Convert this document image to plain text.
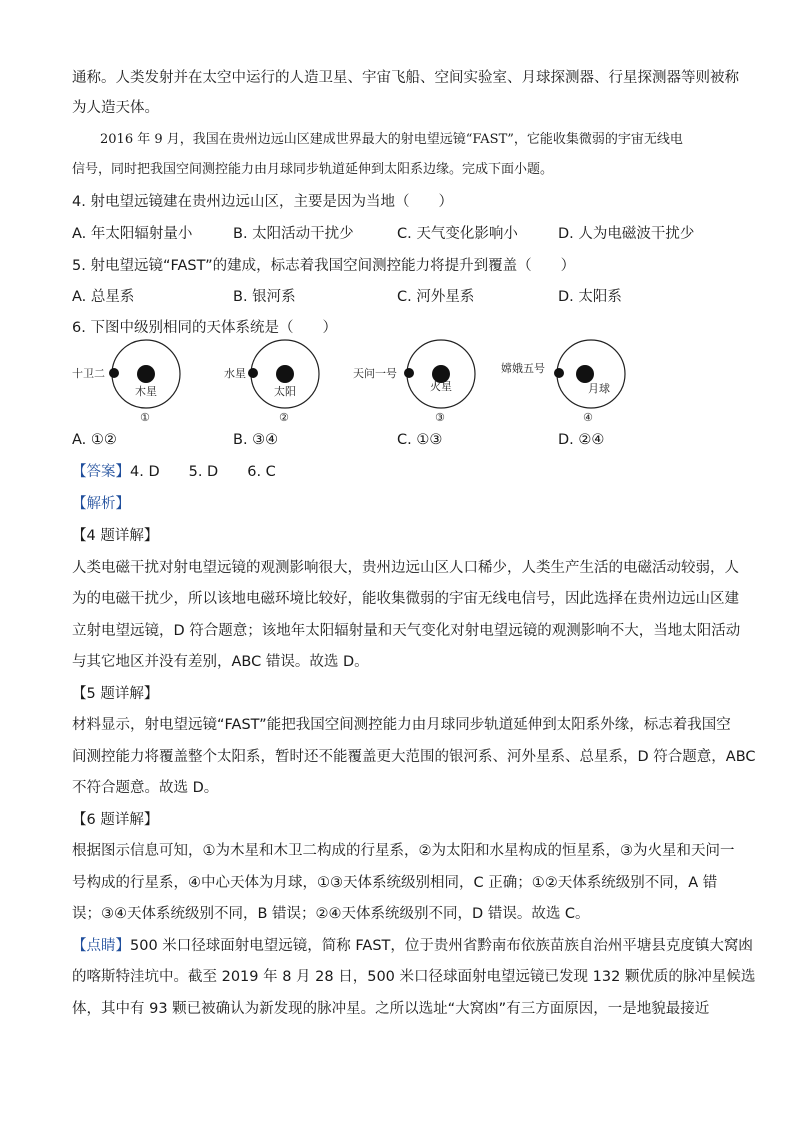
通称。人类发射并在太空中运行的人造卫星、宇宙飞船、空间实验室、月球探测器、行星探测器等则被称
为人造天体。
2016 年 9 月，我国在贵州边远山区建成世界最大的射电望远镜“FAST”，它能收集微弱的宇宙无线电
信号，同时把我国空间测控能力由月球同步轨道延伸到太阳系边缘。完成下面小题。
4. 射电望远镜建在贵州边远山区，主要是因为当地（　　）
A. 年太阳辐射量小	B. 太阳活动干扰少	C. 天气变化影响小	D. 人为电磁波干扰少
5. 射电望远镜“FAST”的建成，标志着我国空间测控能力将提升到覆盖（　　）
A. 总星系	B. 银河系	C. 河外星系	D. 太阳系
6. 下图中级别相同的天体系统是（　　）
十卫二
木星
①
水星
太阳
②
天问一号
火星
③
嫦娥五号
月球
④
A. ①②	B. ③④	C. ①③	D. ②④
【答案】4. D　　5. D　　6. C
【解析】
【4 题详解】
人类电磁干扰对射电望远镜的观测影响很大，贵州边远山区人口稀少，人类生产生活的电磁活动较弱，人
为的电磁干扰少，所以该地电磁环境比较好，能收集微弱的宇宙无线电信号，因此选择在贵州边远山区建
立射电望远镜，D 符合题意；该地年太阳辐射量和天气变化对射电望远镜的观测影响不大，当地太阳活动
与其它地区并没有差别，ABC 错误。故选 D。
【5 题详解】
材料显示，射电望远镜“FAST”能把我国空间测控能力由月球同步轨道延伸到太阳系外缘，标志着我国空
间测控能力将覆盖整个太阳系，暂时还不能覆盖更大范围的银河系、河外星系、总星系，D 符合题意，ABC
不符合题意。故选 D。
【6 题详解】
根据图示信息可知，①为木星和木卫二构成的行星系，②为太阳和水星构成的恒星系，③为火星和天问一
号构成的行星系，④中心天体为月球，①③天体系统级别相同，C 正确；①②天体系统级别不同，A 错
误；③④天体系统级别不同，B 错误；②④天体系统级别不同，D 错误。故选 C。
【点睛】500 米口径球面射电望远镜，简称 FAST，位于贵州省黔南布依族苗族自治州平塘县克度镇大窝凼
的喀斯特洼坑中。截至 2019 年 8 月 28 日，500 米口径球面射电望远镜已发现 132 颗优质的脉冲星候选
体，其中有 93 颗已被确认为新发现的脉冲星。之所以选址“大窝凼”有三方面原因，一是地貌最接近
